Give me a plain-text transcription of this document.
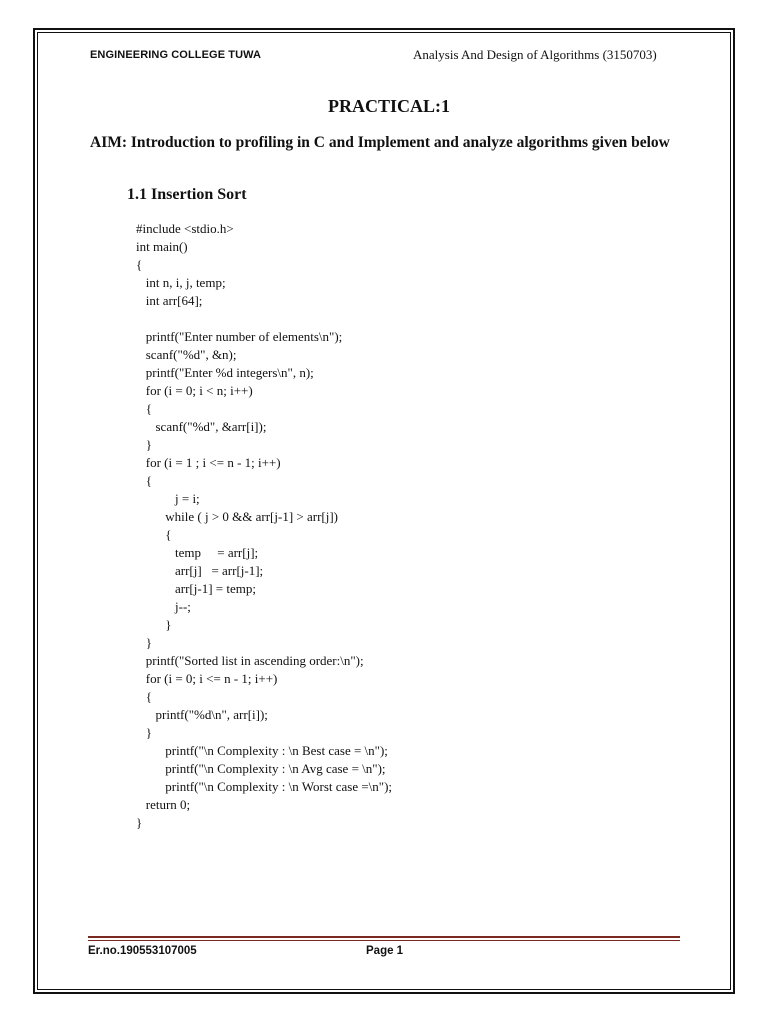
ENGINEERING COLLEGE TUWA	Analysis And Design of Algorithms (3150703)
PRACTICAL:1
AIM: Introduction to profiling in C and Implement and analyze algorithms given below
1.1 Insertion Sort
#include <stdio.h>
int main()
{
int n, i, j, temp;
int arr[64];
printf("Enter number of elements\n");
scanf("%d", &n);
printf("Enter %d integers\n", n);
for (i = 0; i < n; i++)
{
scanf("%d", &arr[i]);
}
for (i = 1 ; i <= n - 1; i++)
{
j = i;
while ( j > 0 && arr[j-1] > arr[j])
{
temp     = arr[j];
arr[j]   = arr[j-1];
arr[j-1] = temp;
j--;
}
}
printf("Sorted list in ascending order:\n");
for (i = 0; i <= n - 1; i++)
{
printf("%d\n", arr[i]);
}
printf("\n Complexity : \n Best case = \n");
printf("\n Complexity : \n Avg case = \n");
printf("\n Complexity : \n Worst case =\n");
return 0;
}
Er.no.190553107005	Page 1
